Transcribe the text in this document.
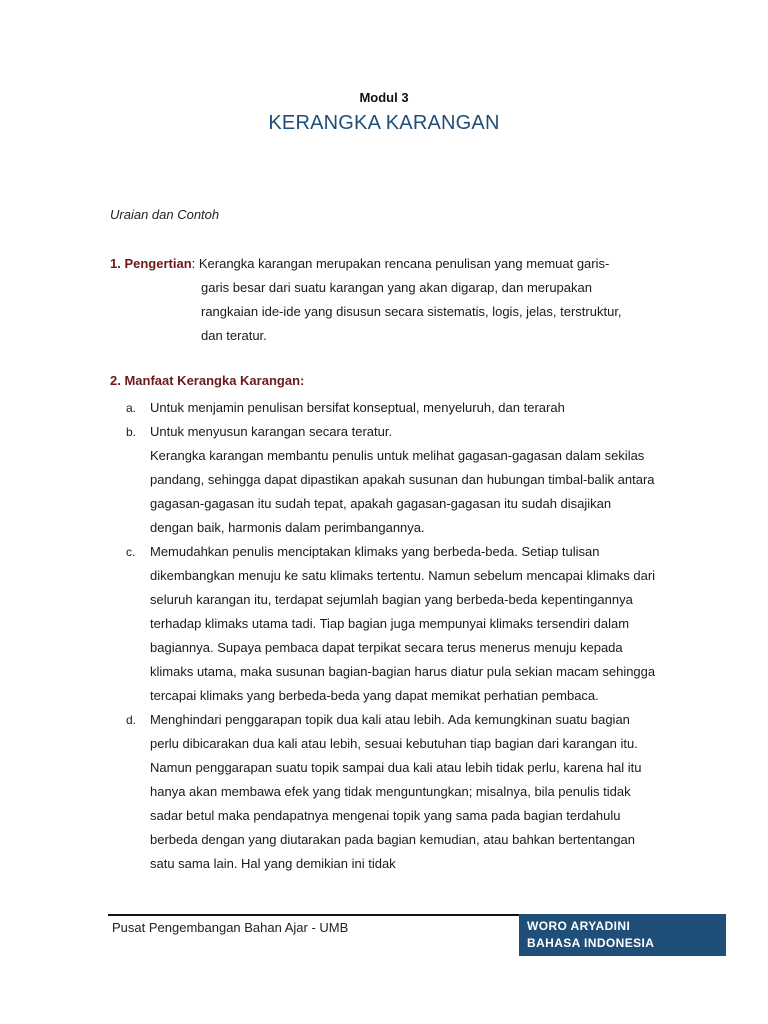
Modul 3
KERANGKA KARANGAN
Uraian dan Contoh
1. Pengertian: Kerangka karangan merupakan rencana penulisan yang memuat garis-
garis besar dari suatu karangan yang akan digarap, dan merupakan
rangkaian ide-ide yang disusun secara sistematis, logis, jelas, terstruktur,
dan teratur.
2. Manfaat Kerangka Karangan:
a.	Untuk menjamin penulisan bersifat konseptual, menyeluruh, dan terarah
b.	Untuk menyusun karangan secara teratur.
Kerangka karangan membantu penulis untuk melihat gagasan-gagasan dalam sekilas pandang, sehingga dapat dipastikan apakah susunan dan hubungan timbal-balik antara gagasan-gagasan itu sudah tepat, apakah gagasan-gagasan itu sudah disajikan dengan baik, harmonis dalam perimbangannya.
c.	Memudahkan penulis menciptakan klimaks yang berbeda-beda. Setiap tulisan dikembangkan menuju ke satu klimaks tertentu. Namun sebelum mencapai klimaks dari seluruh karangan itu, terdapat sejumlah bagian yang berbeda-beda kepentingannya terhadap klimaks utama tadi. Tiap bagian juga mempunyai klimaks tersendiri dalam bagiannya. Supaya pembaca dapat terpikat secara terus menerus menuju kepada klimaks utama, maka susunan bagian-bagian harus diatur pula sekian macam sehingga tercapai klimaks yang berbeda-beda yang dapat memikat perhatian pembaca.
d.	Menghindari penggarapan topik dua kali atau lebih. Ada kemungkinan suatu bagian perlu dibicarakan dua kali atau lebih, sesuai kebutuhan tiap bagian dari karangan itu. Namun penggarapan suatu topik sampai dua kali atau lebih tidak perlu, karena hal itu hanya akan membawa efek yang tidak menguntungkan; misalnya, bila penulis tidak sadar betul maka pendapatnya mengenai topik yang sama pada bagian terdahulu berbeda dengan yang diutarakan pada bagian kemudian, atau bahkan bertentangan satu sama lain. Hal yang demikian ini tidak
Pusat Pengembangan Bahan Ajar - UMB	WORO ARYADINI
BAHASA INDONESIA
